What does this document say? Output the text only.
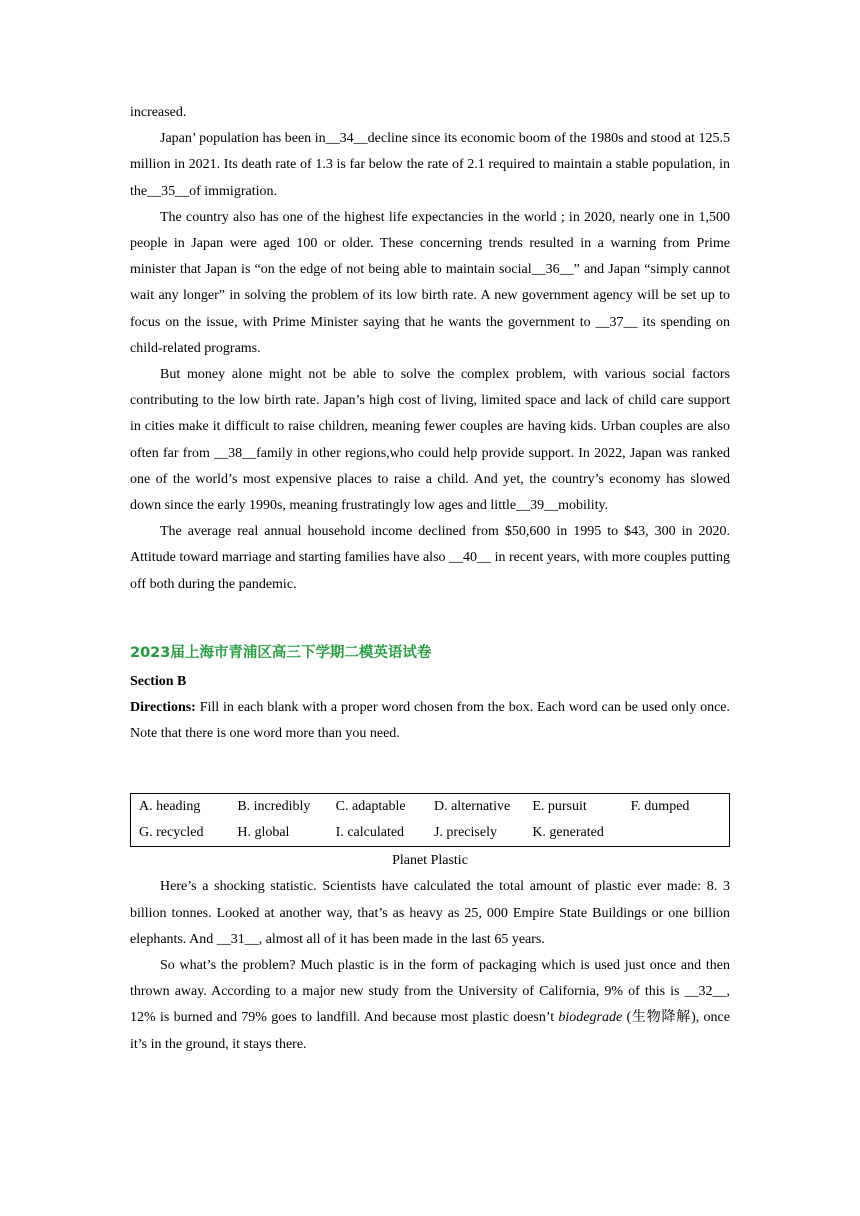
increased.

Japan’ population has been in__34__decline since its economic boom of the 1980s and stood at 125.5 million in 2021. Its death rate of 1.3 is far below the rate of 2.1 required to maintain a stable population, in the__35__of immigration.

The country also has one of the highest life expectancies in the world ; in 2020, nearly one in 1,500 people in Japan were aged 100 or older. These concerning trends resulted in a warning from Prime minister that Japan is “on the edge of not being able to maintain social__36__” and Japan “simply cannot wait any longer” in solving the problem of its low birth rate. A new government agency will be set up to focus on the issue, with Prime Minister saying that he wants the government to __37__ its spending on child-related programs.

But money alone might not be able to solve the complex problem, with various social factors contributing to the low birth rate. Japan’s high cost of living, limited space and lack of child care support in cities make it difficult to raise children, meaning fewer couples are having kids. Urban couples are also often far from __38__family in other regions,who could help provide support. In 2022, Japan was ranked one of the world’s most expensive places to raise a child. And yet, the country’s economy has slowed down since the early 1990s, meaning frustratingly low ages and little__39__mobility.

The average real annual household income declined from $50,600 in 1995 to $43, 300 in 2020. Attitude toward marriage and starting families have also __40__ in recent years, with more couples putting off both during the pandemic.

2023届上海市青浦区高三下学期二模英语试卷
Section B

Directions: Fill in each blank with a proper word chosen from the box. Each word can be used only once. Note that there is one word more than you need.

A. heading	B. incredibly	C. adaptable	D. alternative	E. pursuit	F. dumped
G. recycled	H. global	I. calculated	J. precisely	K. generated
Planet Plastic

Here’s a shocking statistic. Scientists have calculated the total amount of plastic ever made: 8. 3 billion tonnes. Looked at another way, that’s as heavy as 25, 000 Empire State Buildings or one billion elephants. And __31__, almost all of it has been made in the last 65 years.

So what’s the problem? Much plastic is in the form of packaging which is used just once and then thrown away. According to a major new study from the University of California, 9% of this is __32__, 12% is burned and 79% goes to landfill. And because most plastic doesn’t biodegrade (生物降解), once it’s in the ground, it stays there.
